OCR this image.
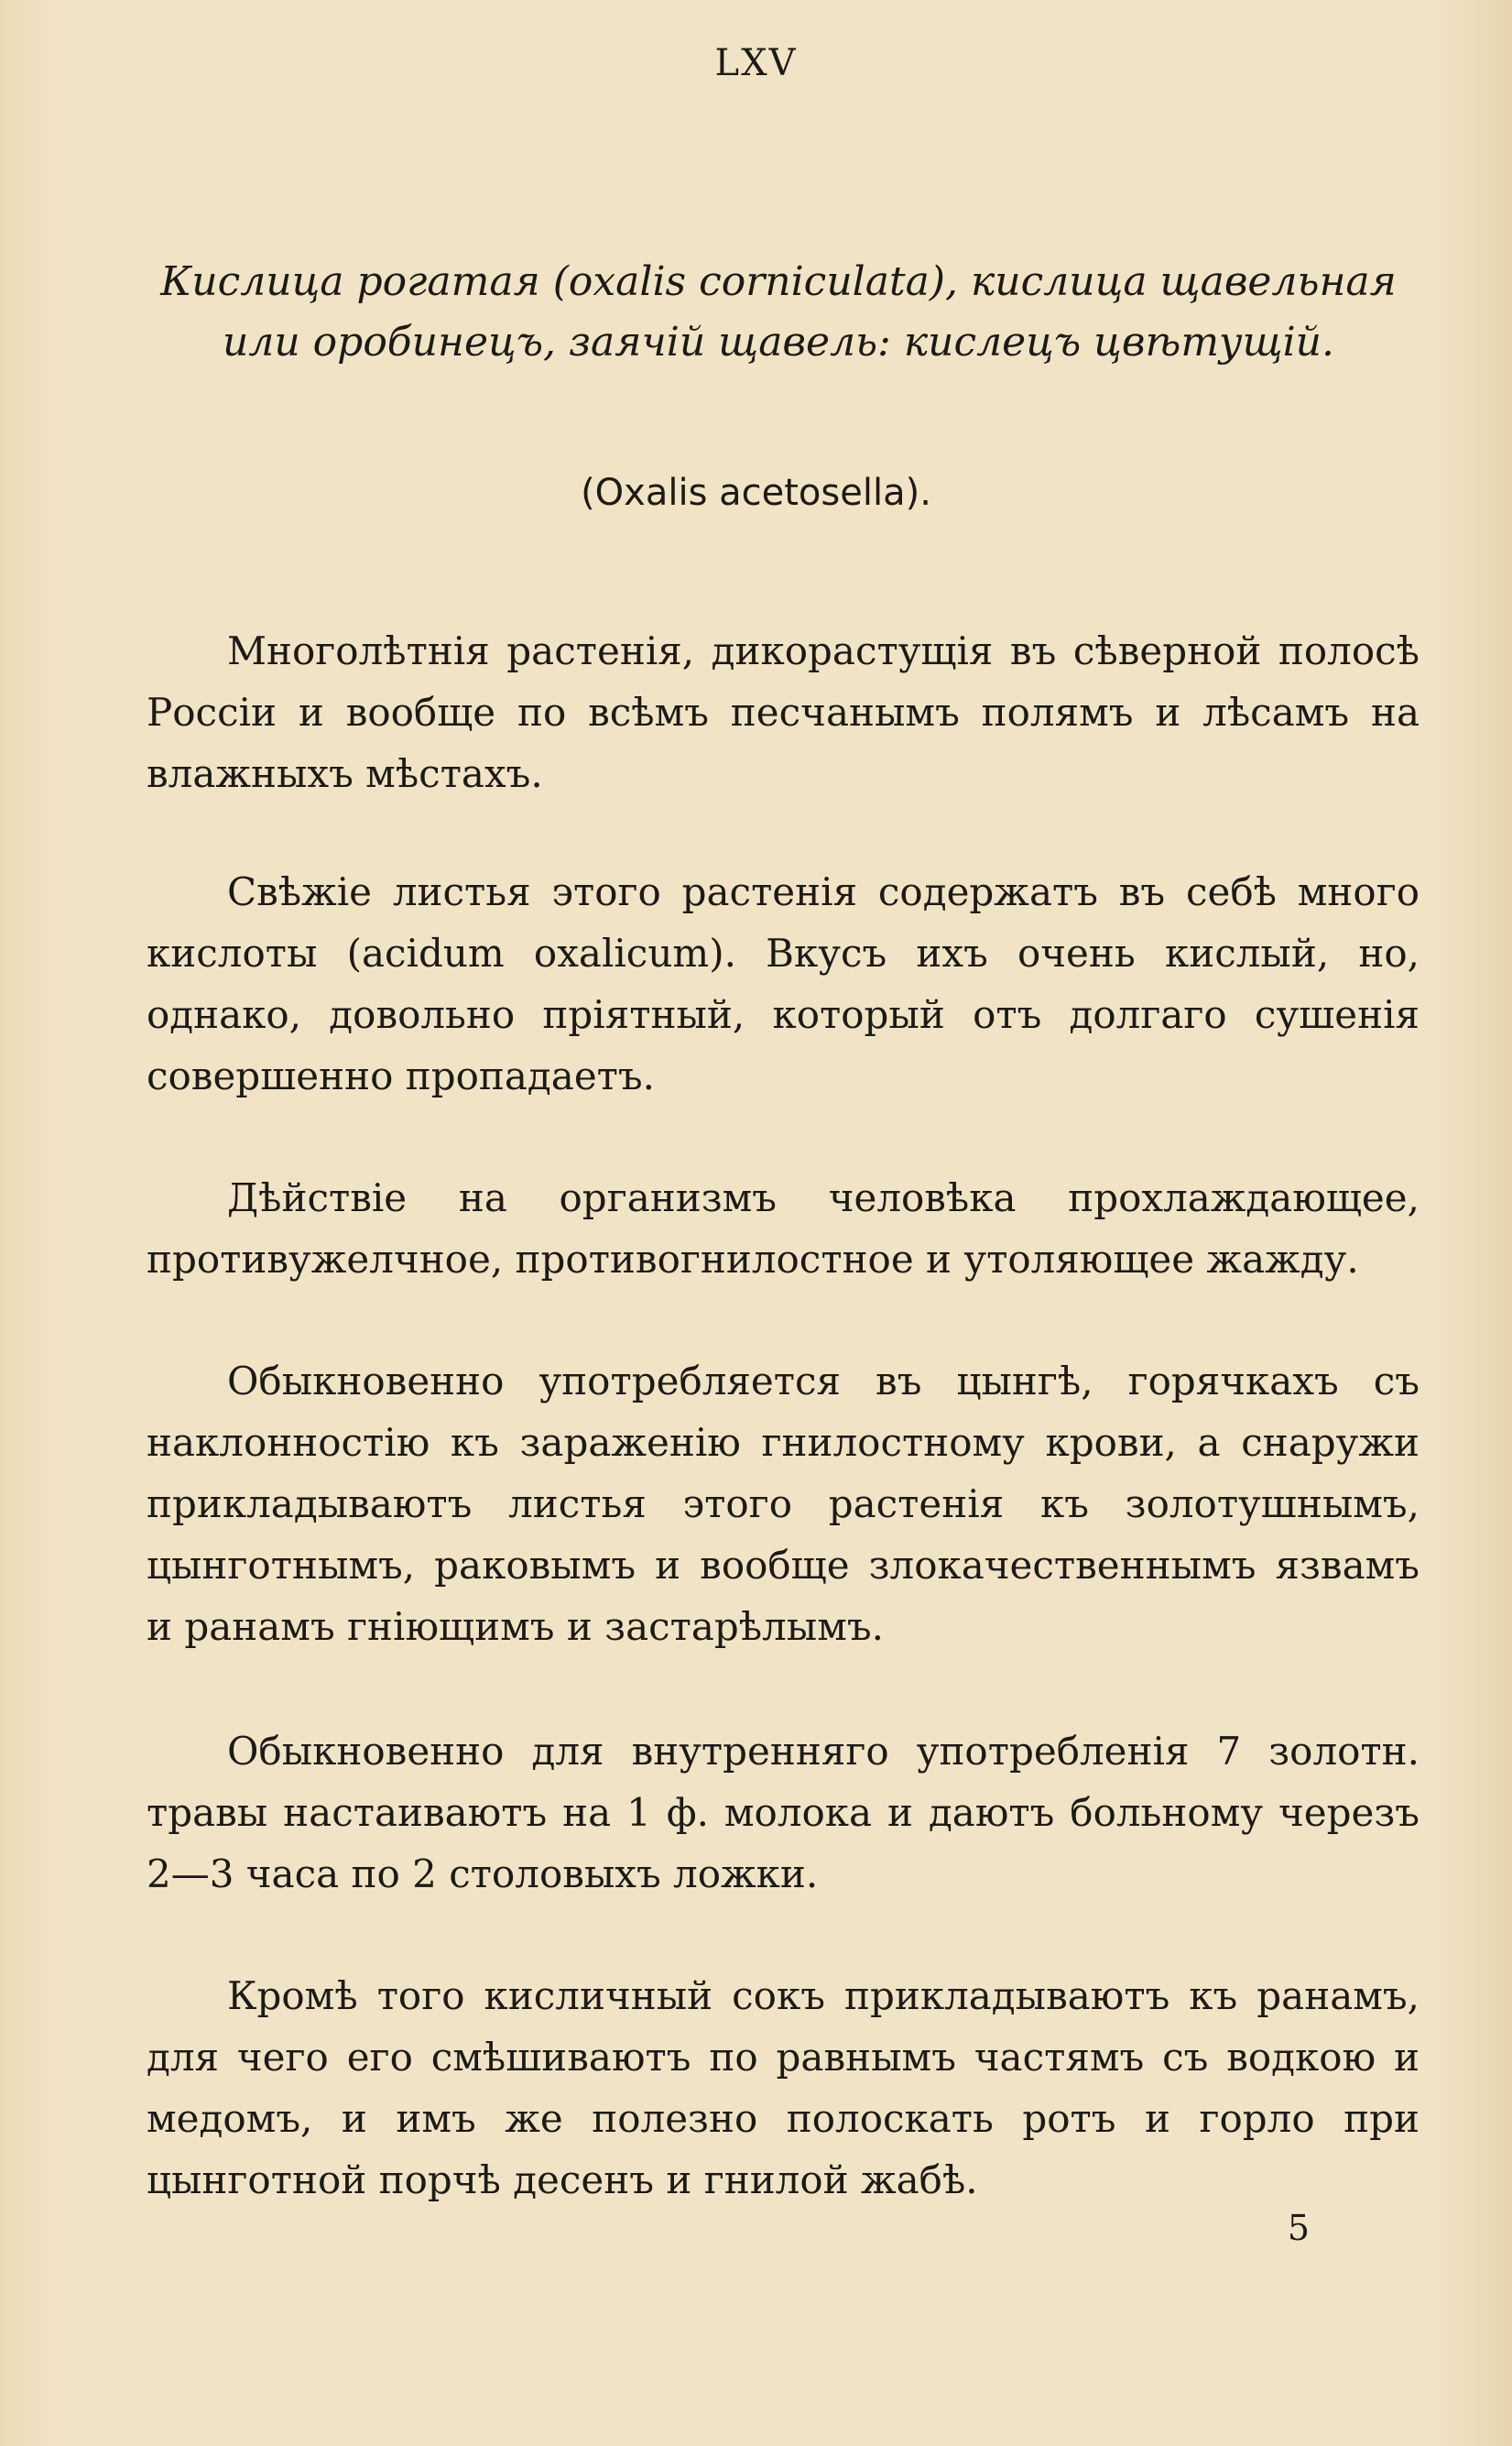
LXV
Кислица рогатая (oxalis corniculata), кислица щавельная или оробинецъ, заячій щавель: кислецъ цвѣтущій.
(Oxalis acetosella).

Многолѣтнія растенія, дикорастущія въ сѣверной полосѣ Россіи и вообще по всѣмъ песчанымъ полямъ и лѣсамъ на влажныхъ мѣстахъ.

Свѣжіе листья этого растенія содержатъ въ себѣ много кислоты (acidum oxalicum). Вкусъ ихъ очень кислый, но, однако, довольно пріятный, который отъ долгаго сушенія совершенно пропадаетъ.

Дѣйствіе на организмъ человѣка прохлаждающее, противужелчное, противогнилостное и утоляющее жажду.

Обыкновенно употребляется въ цынгѣ, горячкахъ съ наклонностію къ зараженію гнилостному крови, а снаружи прикладываютъ листья этого растенія къ золотушнымъ, цынготнымъ, раковымъ и вообще злокачественнымъ язвамъ и ранамъ гніющимъ и застарѣлымъ.

Обыкновенно для внутренняго употребленія 7 золотн. травы настаиваютъ на 1 ф. молока и даютъ больному черезъ 2—3 часа по 2 столовыхъ ложки.

Кромѣ того кисличный сокъ прикладываютъ къ ранамъ, для чего его смѣшиваютъ по равнымъ частямъ съ водкою и медомъ, и имъ же полезно полоскать ротъ и горло при цынготной порчѣ десенъ и гнилой жабѣ.

5
